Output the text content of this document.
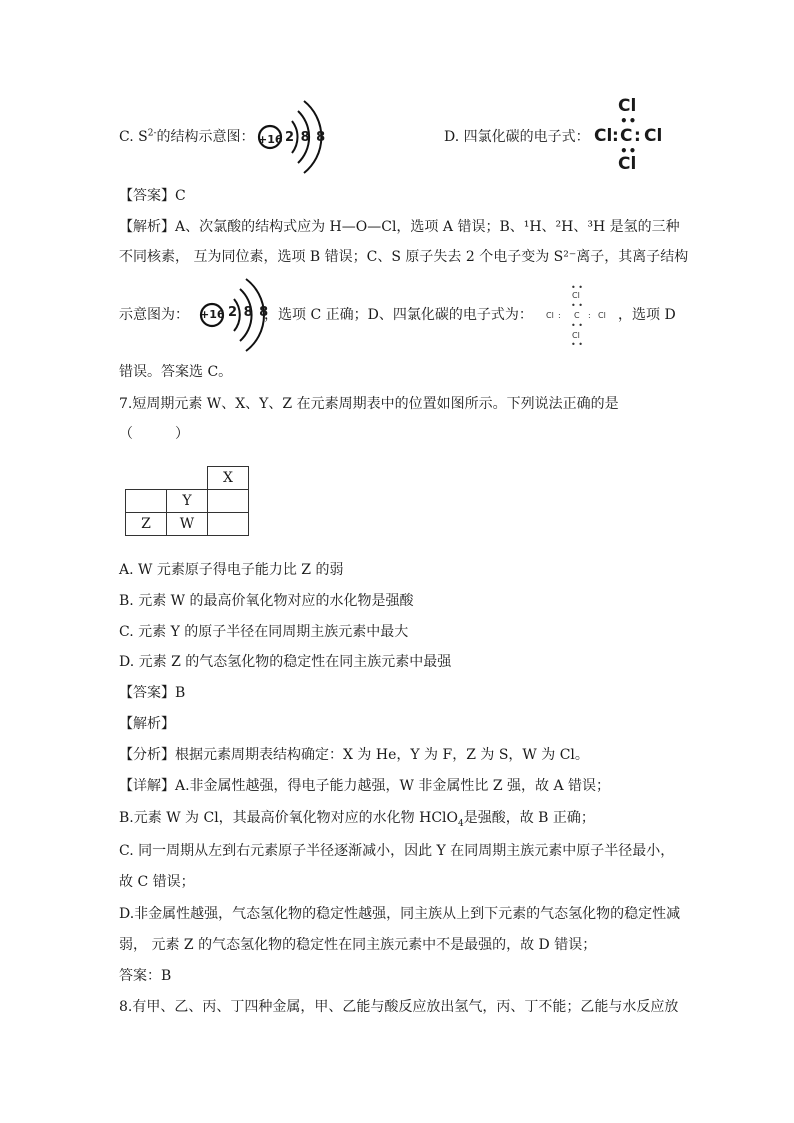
C. $S^{2-}$的结构示意图： +16 2 8 8	D. 四氯化碳的电子式：
Cl
••
Cl : C : Cl
••
Cl
【答案】C
【解析】A、次氯酸的结构式应为 H—O—Cl，选项 A 错误；B、¹H、²H、³H 是氢的三种
不同核素， 互为同位素，选项 B 错误；C、S 原子失去 2 个电子变为 S²⁻离子，其离子结构
示意图为： +16 2 8 8
，选项 C 正确；D、四氯化碳的电子式为：
• •
Cl
• •
Cl : C : Cl
• •
Cl
• •
，选项 D
错误。答案选 C。
7.短周期元素 W、X、Y、Z 在元素周期表中的位置如图所示。下列说法正确的是
（　　　）
		X
	Y	
Z	W	
A. W 元素原子得电子能力比 Z 的弱
B. 元素 W 的最高价氧化物对应的水化物是强酸
C. 元素 Y 的原子半径在同周期主族元素中最大
D. 元素 Z 的气态氢化物的稳定性在同主族元素中最强
【答案】B
【解析】
【分析】根据元素周期表结构确定：X 为 He，Y 为 F，Z 为 S，W 为 Cl。
【详解】A.非金属性越强，得电子能力越强，W 非金属性比 Z 强，故 A 错误；
B.元素 W 为 Cl，其最高价氧化物对应的水化物 HClO$_4$是强酸，故 B 正确；
C. 同一周期从左到右元素原子半径逐渐减小，因此 Y 在同周期主族元素中原子半径最小，
故 C 错误；
D.非金属性越强，气态氢化物的稳定性越强，同主族从上到下元素的气态氢化物的稳定性减
弱， 元素 Z 的气态氢化物的稳定性在同主族元素中不是最强的，故 D 错误；
答案：B
8.有甲、乙、丙、丁四种金属，甲、乙能与酸反应放出氢气，丙、丁不能；乙能与水反应放
